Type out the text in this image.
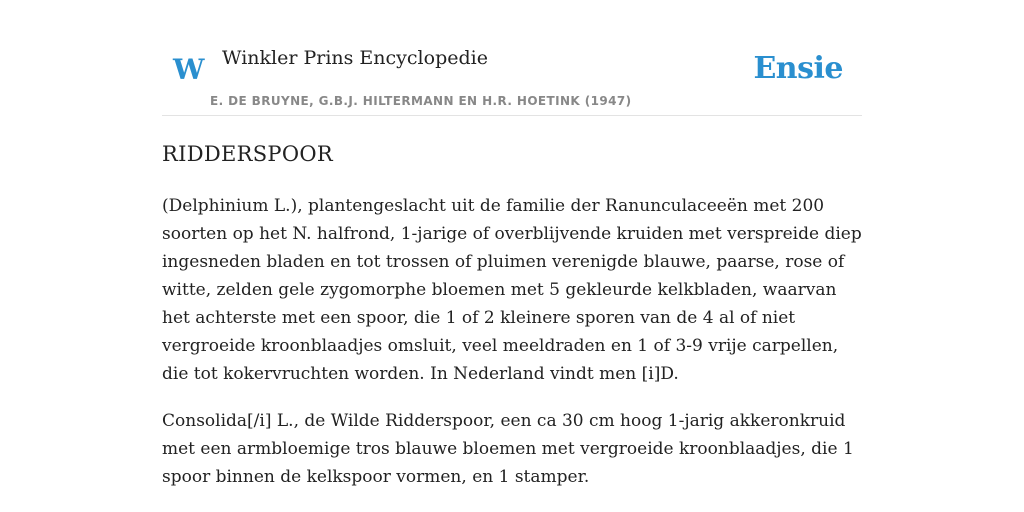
W Winkler Prins Encyclopedie
E. DE BRUYNE, G.B.J. HILTERMANN EN H.R. HOETINK (1947)
Ensie
RIDDERSPOOR

(Delphinium L.), plantengeslacht uit de familie der Ranunculaceeën met 200 soorten op het N. halfrond, 1-jarige of overblijvende kruiden met verspreide diep ingesneden bladen en tot trossen of pluimen verenigde blauwe, paarse, rose of witte, zelden gele zygomorphe bloemen met 5 gekleurde kelkbladen, waarvan het achterste met een spoor, die 1 of 2 kleinere sporen van de 4 al of niet vergroeide kroonblaadjes omsluit, veel meeldraden en 1 of 3-9 vrije carpellen, die tot kokervruchten worden. In Nederland vindt men [i]D.

Consolida[/i] L., de Wilde Ridderspoor, een ca 30 cm hoog 1-jarig akkeronkruid met een armbloemige tros blauwe bloemen met vergroeide kroonblaadjes, die 1 spoor binnen de kelkspoor vormen, en 1 stamper.
